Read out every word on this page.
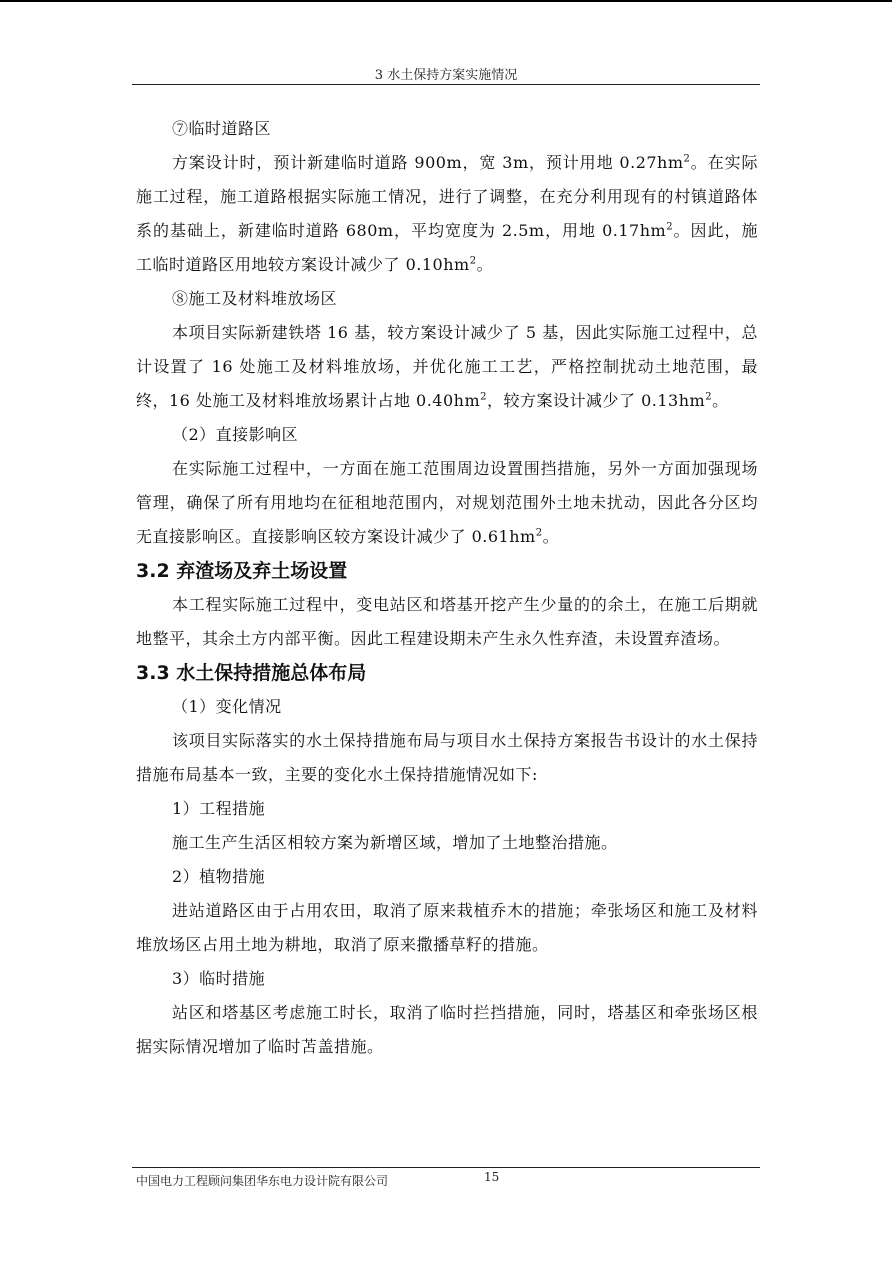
3 水土保持方案实施情况

⑦临时道路区

方案设计时，预计新建临时道路 900m，宽 3m，预计用地 $0.27hm^2$。在实际施工过程，施工道路根据实际施工情况，进行了调整，在充分利用现有的村镇道路体系的基础上，新建临时道路 680m，平均宽度为 2.5m，用地 $0.17hm^2$。因此，施工临时道路区用地较方案设计减少了 $0.10hm^2$。

⑧施工及材料堆放场区

本项目实际新建铁塔 16 基，较方案设计减少了 5 基，因此实际施工过程中，总计设置了 16 处施工及材料堆放场，并优化施工工艺，严格控制扰动土地范围，最终，16 处施工及材料堆放场累计占地 $0.40hm^2$，较方案设计减少了 $0.13hm^2$。

（2）直接影响区

在实际施工过程中，一方面在施工范围周边设置围挡措施，另外一方面加强现场管理，确保了所有用地均在征租地范围内，对规划范围外土地未扰动，因此各分区均无直接影响区。直接影响区较方案设计减少了 $0.61hm^2$。

3.2 弃渣场及弃土场设置

本工程实际施工过程中，变电站区和塔基开挖产生少量的的余土，在施工后期就地整平，其余土方内部平衡。因此工程建设期未产生永久性弃渣，未设置弃渣场。

3.3 水土保持措施总体布局

（1）变化情况

该项目实际落实的水土保持措施布局与项目水土保持方案报告书设计的水土保持措施布局基本一致，主要的变化水土保持措施情况如下:

1）工程措施

施工生产生活区相较方案为新增区域，增加了土地整治措施。

2）植物措施

进站道路区由于占用农田，取消了原来栽植乔木的措施；牵张场区和施工及材料堆放场区占用土地为耕地，取消了原来撒播草籽的措施。

3）临时措施

站区和塔基区考虑施工时长，取消了临时拦挡措施，同时，塔基区和牵张场区根据实际情况增加了临时苫盖措施。

中国电力工程顾问集团华东电力设计院有限公司	15
